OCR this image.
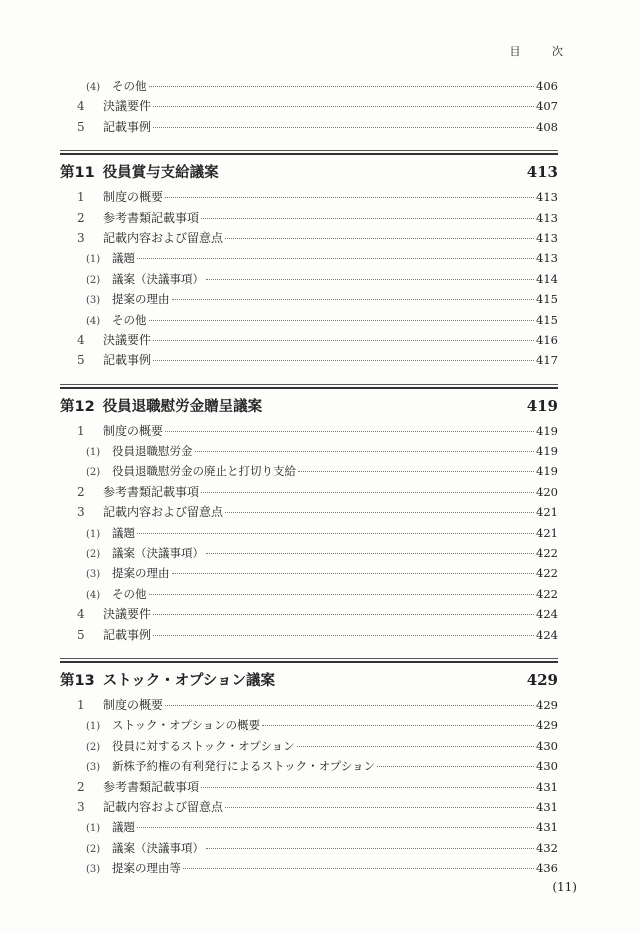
目 次
(4)	その他	406
4	決議要件	407
5	記載事例	408
第11 役員賞与支給議案	413
1	制度の概要	413
2	参考書類記載事項	413
3	記載内容および留意点	413
(1)	議題	413
(2)	議案（決議事項）	414
(3)	提案の理由	415
(4)	その他	415
4	決議要件	416
5	記載事例	417
第12 役員退職慰労金贈呈議案	419
1	制度の概要	419
(1)	役員退職慰労金	419
(2)	役員退職慰労金の廃止と打切り支給	419
2	参考書類記載事項	420
3	記載内容および留意点	421
(1)	議題	421
(2)	議案（決議事項）	422
(3)	提案の理由	422
(4)	その他	422
4	決議要件	424
5	記載事例	424
第13 ストック・オプション議案	429
1	制度の概要	429
(1)	ストック・オプションの概要	429
(2)	役員に対するストック・オプション	430
(3)	新株予約権の有利発行によるストック・オプション	430
2	参考書類記載事項	431
3	記載内容および留意点	431
(1)	議題	431
(2)	議案（決議事項）	432
(3)	提案の理由等	436
(11)
